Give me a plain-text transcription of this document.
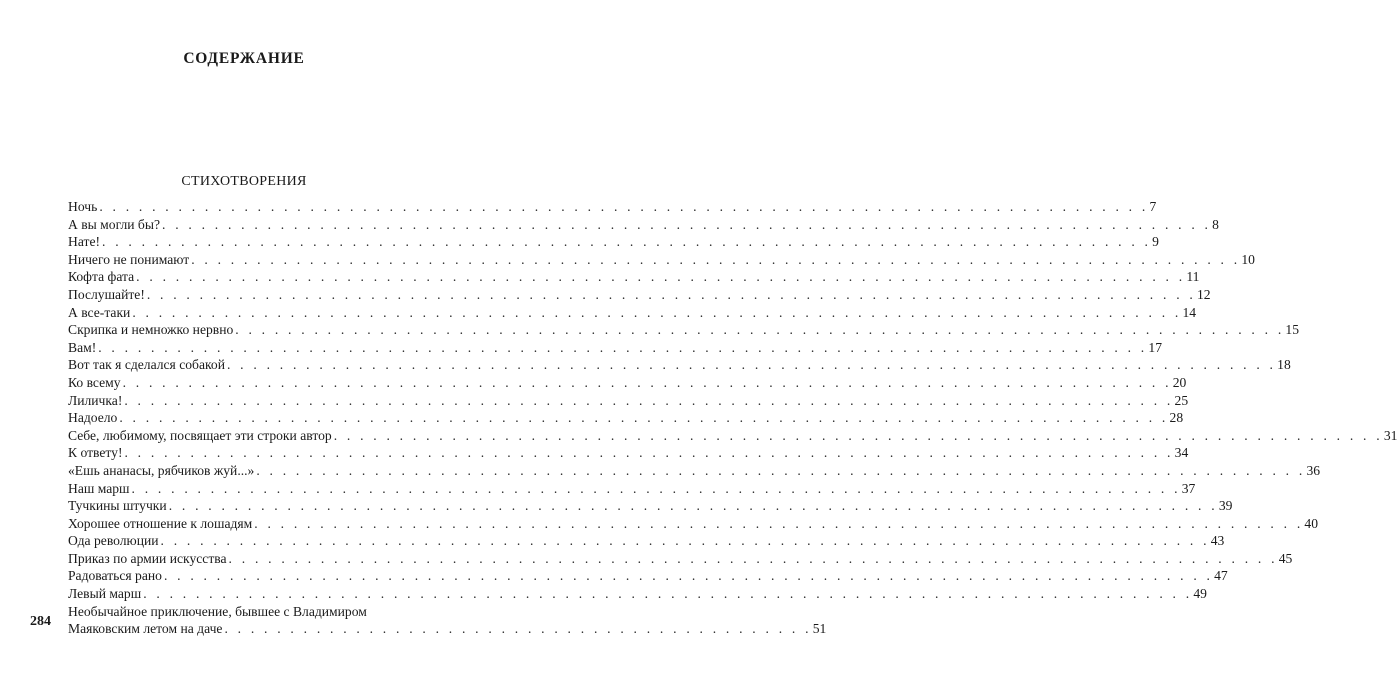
СОДЕРЖАНИЕ
СТИХОТВОРЕНИЯ
Ночь . . . . . . . . . . . . . . . . . . . . . . . . . . . . . . . . . . . . . . . . . . . . . . . . . . . . . . . . . . . . . . . . . . . . . . . . . . . . . . . . 7
А вы могли бы? . . . . . . . . . . . . . . . . . . . . . . . . . . . . . . . . . . . . . . . . . . . . . . . . . . . . . . . . . . . . . . . . . . . . . . . . . . . . . . . . 8
Нате! . . . . . . . . . . . . . . . . . . . . . . . . . . . . . . . . . . . . . . . . . . . . . . . . . . . . . . . . . . . . . . . . . . . . . . . . . . . . . . . . 9
Ничего не понимают . . . . . . . . . . . . . . . . . . . . . . . . . . . . . . . . . . . . . . . . . . . . . . . . . . . . . . . . . . . . . . . . . . . . . . . . . . . . . . . . 10
Кофта фата . . . . . . . . . . . . . . . . . . . . . . . . . . . . . . . . . . . . . . . . . . . . . . . . . . . . . . . . . . . . . . . . . . . . . . . . . . . . . . . . 11
Послушайте! . . . . . . . . . . . . . . . . . . . . . . . . . . . . . . . . . . . . . . . . . . . . . . . . . . . . . . . . . . . . . . . . . . . . . . . . . . . . . . . . 12
А все-таки . . . . . . . . . . . . . . . . . . . . . . . . . . . . . . . . . . . . . . . . . . . . . . . . . . . . . . . . . . . . . . . . . . . . . . . . . . . . . . . . 14
Скрипка и немножко нервно . . . . . . . . . . . . . . . . . . . . . . . . . . . . . . . . . . . . . . . . . . . . . . . . . . . . . . . . . . . . . . . . . . . . . . . . . . . . . . . . 15
Вам! . . . . . . . . . . . . . . . . . . . . . . . . . . . . . . . . . . . . . . . . . . . . . . . . . . . . . . . . . . . . . . . . . . . . . . . . . . . . . . . . 17
Вот так я сделался собакой . . . . . . . . . . . . . . . . . . . . . . . . . . . . . . . . . . . . . . . . . . . . . . . . . . . . . . . . . . . . . . . . . . . . . . . . . . . . . . . . 18
Ко всему . . . . . . . . . . . . . . . . . . . . . . . . . . . . . . . . . . . . . . . . . . . . . . . . . . . . . . . . . . . . . . . . . . . . . . . . . . . . . . . . 20
Лиличка! . . . . . . . . . . . . . . . . . . . . . . . . . . . . . . . . . . . . . . . . . . . . . . . . . . . . . . . . . . . . . . . . . . . . . . . . . . . . . . . . 25
Надоело . . . . . . . . . . . . . . . . . . . . . . . . . . . . . . . . . . . . . . . . . . . . . . . . . . . . . . . . . . . . . . . . . . . . . . . . . . . . . . . . 28
Себе, любимому, посвящает эти строки автор . . . . . . . . . . . . . . . . . . . . . . . . . . . . . . . . . . . . . . . . . . . . . . . . . . . . . . . . . . . . . . . . . . . . . . . . . . . . . . . . 31
К ответу! . . . . . . . . . . . . . . . . . . . . . . . . . . . . . . . . . . . . . . . . . . . . . . . . . . . . . . . . . . . . . . . . . . . . . . . . . . . . . . . . 34
«Ешь ананасы, рябчиков жуй...» . . . . . . . . . . . . . . . . . . . . . . . . . . . . . . . . . . . . . . . . . . . . . . . . . . . . . . . . . . . . . . . . . . . . . . . . . . . . . . . . 36
Наш марш . . . . . . . . . . . . . . . . . . . . . . . . . . . . . . . . . . . . . . . . . . . . . . . . . . . . . . . . . . . . . . . . . . . . . . . . . . . . . . . . 37
Тучкины штучки . . . . . . . . . . . . . . . . . . . . . . . . . . . . . . . . . . . . . . . . . . . . . . . . . . . . . . . . . . . . . . . . . . . . . . . . . . . . . . . . 39
Хорошее отношение к лошадям . . . . . . . . . . . . . . . . . . . . . . . . . . . . . . . . . . . . . . . . . . . . . . . . . . . . . . . . . . . . . . . . . . . . . . . . . . . . . . . . 40
Ода революции . . . . . . . . . . . . . . . . . . . . . . . . . . . . . . . . . . . . . . . . . . . . . . . . . . . . . . . . . . . . . . . . . . . . . . . . . . . . . . . . 43
Приказ по армии искусства . . . . . . . . . . . . . . . . . . . . . . . . . . . . . . . . . . . . . . . . . . . . . . . . . . . . . . . . . . . . . . . . . . . . . . . . . . . . . . . . 45
Радоваться рано . . . . . . . . . . . . . . . . . . . . . . . . . . . . . . . . . . . . . . . . . . . . . . . . . . . . . . . . . . . . . . . . . . . . . . . . . . . . . . . . 47
Левый марш . . . . . . . . . . . . . . . . . . . . . . . . . . . . . . . . . . . . . . . . . . . . . . . . . . . . . . . . . . . . . . . . . . . . . . . . . . . . . . . . 49
Необычайное приключение, бывшее с Владимиром
Маяковским летом на даче . . . . . . . . . . . . . . . . . . . . . . . . . . . . . . . . . . . . . . . . . . . . . 51
284
